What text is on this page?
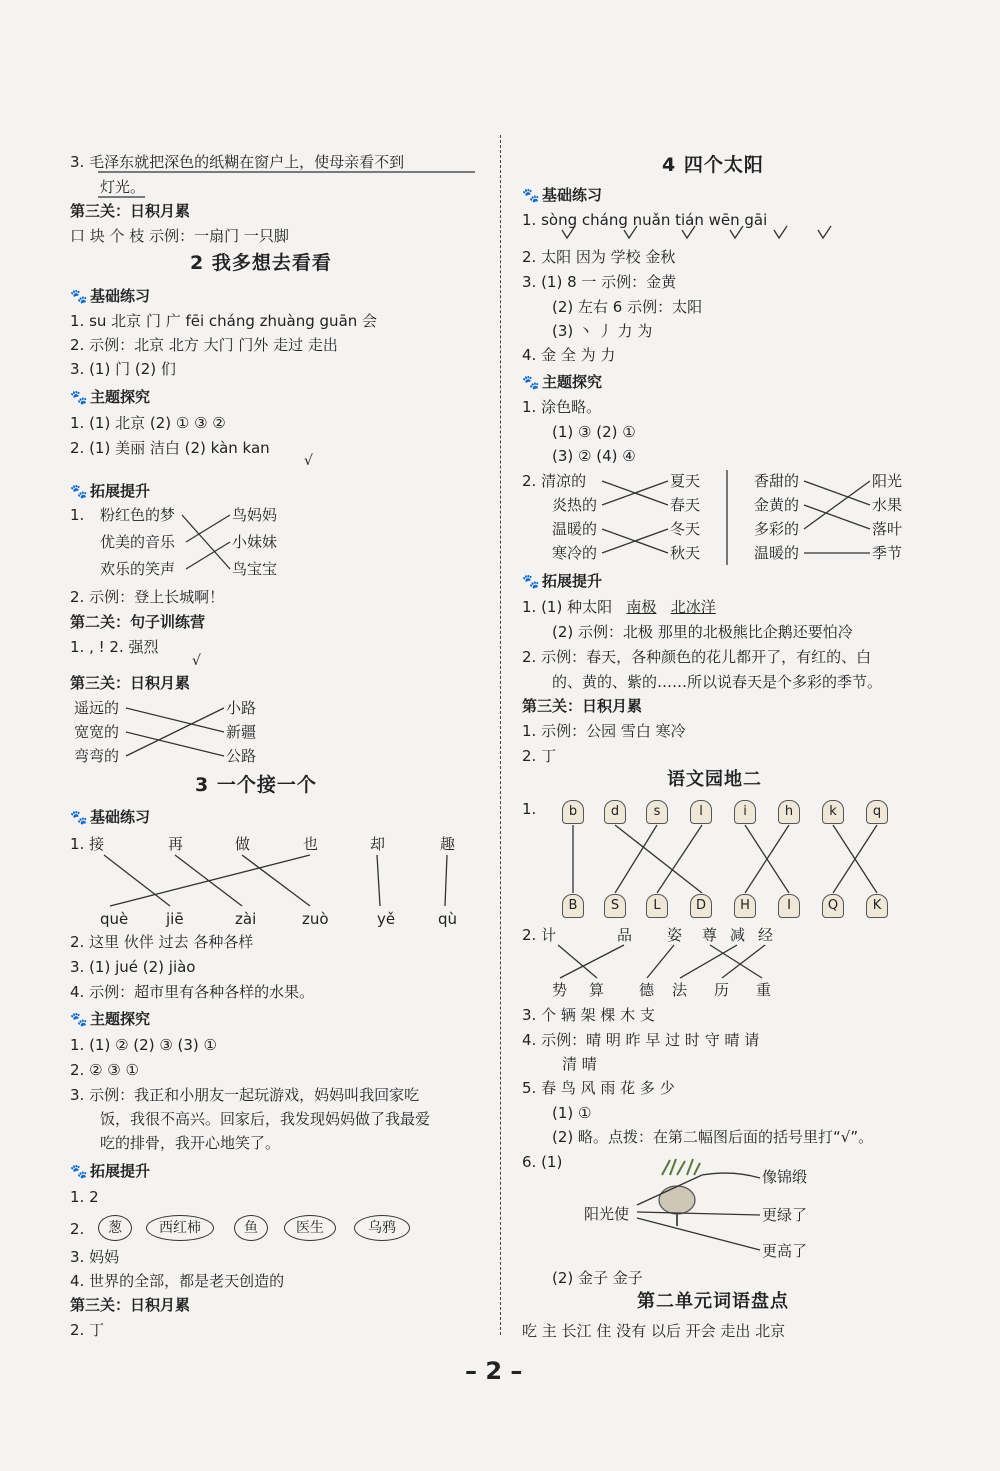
3. 毛泽东就把深色的纸糊在窗户上，使母亲看不到
灯光。
第三关：日积月累
口 块 个 枝 示例：一扇门 一只脚
2 我多想去看看
🐾 基础练习
1. su 北京 门 广 fēi cháng zhuàng guān 会
2. 示例：北京 北方 大门 门外 走过 走出
3. (1) 门 (2) 们
🐾 主题探究
1. (1) 北京 (2) ① ③ ②
2. (1) 美丽 洁白 (2) kàn kan
√
🐾 拓展提升
1. 粉红色的梦
优美的音乐
欢乐的笑声
鸟妈妈
小妹妹
鸟宝宝
2. 示例：登上长城啊！
第二关：句子训练营
1. , ! 2. 强烈
√
第三关：日积月累
遥远的
宽宽的
弯弯的
小路
新疆
公路
3 一个接一个
🐾 基础练习
1. 接	再	做	也	却	趣
què	jiē	zài	zuò	yě	qù
2. 这里 伙伴 过去 各种各样
3. (1) jué (2) jiào
4. 示例：超市里有各种各样的水果。
🐾 主题探究
1. (1) ② (2) ③ (3) ①
2. ② ③ ①
3. 示例：我正和小朋友一起玩游戏，妈妈叫我回家吃
饭，我很不高兴。回家后，我发现妈妈做了我最爱
吃的排骨，我开心地笑了。
🐾 拓展提升
1. 2
2.	葱	西红柿	鱼	医生	乌鸦
3. 妈妈
4. 世界的全部，都是老天创造的
第三关：日积月累
2. 丁
4 四个太阳
🐾 基础练习
1. sòng cháng nuǎn tián wēn gāi
2. 太阳 因为 学校 金秋
3. (1) 8 一 示例：金黄
(2) 左右 6 示例：太阳
(3) 丶 丿 力 为
4. 金 全 为 力
🐾 主题探究
1. 涂色略。
(1) ③ (2) ①
(3) ② (4) ④
2. 清凉的
炎热的
温暖的
寒冷的
夏天
春天
冬天
秋天
香甜的
金黄的
多彩的
温暖的
阳光
水果
落叶
季节
🐾 拓展提升
1. (1) 种太阳 南极 北冰洋
(2) 示例：北极 那里的北极熊比企鹅还要怕冷
2. 示例：春天，各种颜色的花儿都开了，有红的、白
的、黄的、紫的……所以说春天是个多彩的季节。
第三关：日积月累
1. 示例：公园 雪白 寒冷
2. 丁
语文园地二
1.	b	d	s	l	i	h	k	q
B	S	L	D	H	I	Q	K
2. 计	品 姿 尊 减 经
势 算 德 法 历 重
3. 个 辆 架 棵 木 支
4. 示例：晴 明 昨 早 过 时 守 晴 请
清 晴
5. 春 鸟 风 雨 花 多 少
(1) ①
(2) 略。点拨：在第二幅图后面的括号里打“√”。
6. (1)
阳光使
像锦缎
更绿了
更高了
(2) 金子 金子
第二单元词语盘点
吃 主 长江 住 没有 以后 开会 走出 北京
– 2 –
